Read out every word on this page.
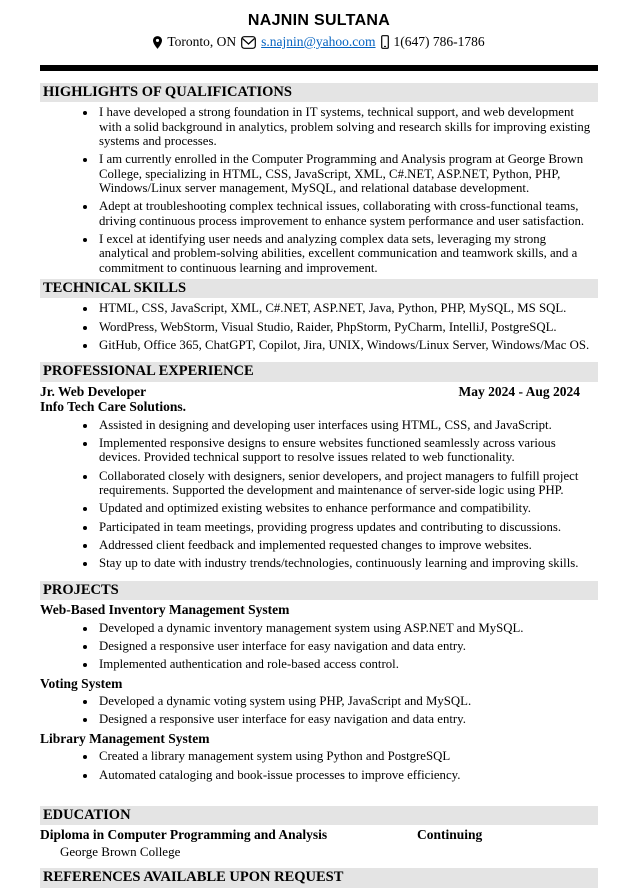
NAJNIN SULTANA
Toronto, ON s.najnin@yahoo.com 1(647) 786-1786
HIGHLIGHTS OF QUALIFICATIONS
• I have developed a strong foundation in IT systems, technical support, and web development with a solid background in analytics, problem solving and research skills for improving existing systems and processes.
• I am currently enrolled in the Computer Programming and Analysis program at George Brown College, specializing in HTML, CSS, JavaScript, XML, C#.NET, ASP.NET, Python, PHP, Windows/Linux server management, MySQL, and relational database development.
• Adept at troubleshooting complex technical issues, collaborating with cross-functional teams, driving continuous process improvement to enhance system performance and user satisfaction.
• I excel at identifying user needs and analyzing complex data sets, leveraging my strong analytical and problem-solving abilities, excellent communication and teamwork skills, and a commitment to continuous learning and improvement.
TECHNICAL SKILLS
• HTML, CSS, JavaScript, XML, C#.NET, ASP.NET, Java, Python, PHP, MySQL, MS SQL.
• WordPress, WebStorm, Visual Studio, Raider, PhpStorm, PyCharm, IntelliJ, PostgreSQL.
• GitHub, Office 365, ChatGPT, Copilot, Jira, UNIX, Windows/Linux Server, Windows/Mac OS.
PROFESSIONAL EXPERIENCE
Jr. Web Developer	May 2024 - Aug 2024
Info Tech Care Solutions.
• Assisted in designing and developing user interfaces using HTML, CSS, and JavaScript.
• Implemented responsive designs to ensure websites functioned seamlessly across various devices. Provided technical support to resolve issues related to web functionality.
• Collaborated closely with designers, senior developers, and project managers to fulfill project requirements. Supported the development and maintenance of server-side logic using PHP.
• Updated and optimized existing websites to enhance performance and compatibility.
• Participated in team meetings, providing progress updates and contributing to discussions.
• Addressed client feedback and implemented requested changes to improve websites.
• Stay up to date with industry trends/technologies, continuously learning and improving skills.
PROJECTS
Web-Based Inventory Management System
• Developed a dynamic inventory management system using ASP.NET and MySQL.
• Designed a responsive user interface for easy navigation and data entry.
• Implemented authentication and role-based access control.
Voting System
• Developed a dynamic voting system using PHP, JavaScript and MySQL.
• Designed a responsive user interface for easy navigation and data entry.
Library Management System
• Created a library management system using Python and PostgreSQL
• Automated cataloging and book-issue processes to improve efficiency.
EDUCATION
Diploma in Computer Programming and Analysis	Continuing
George Brown College
REFERENCES AVAILABLE UPON REQUEST
